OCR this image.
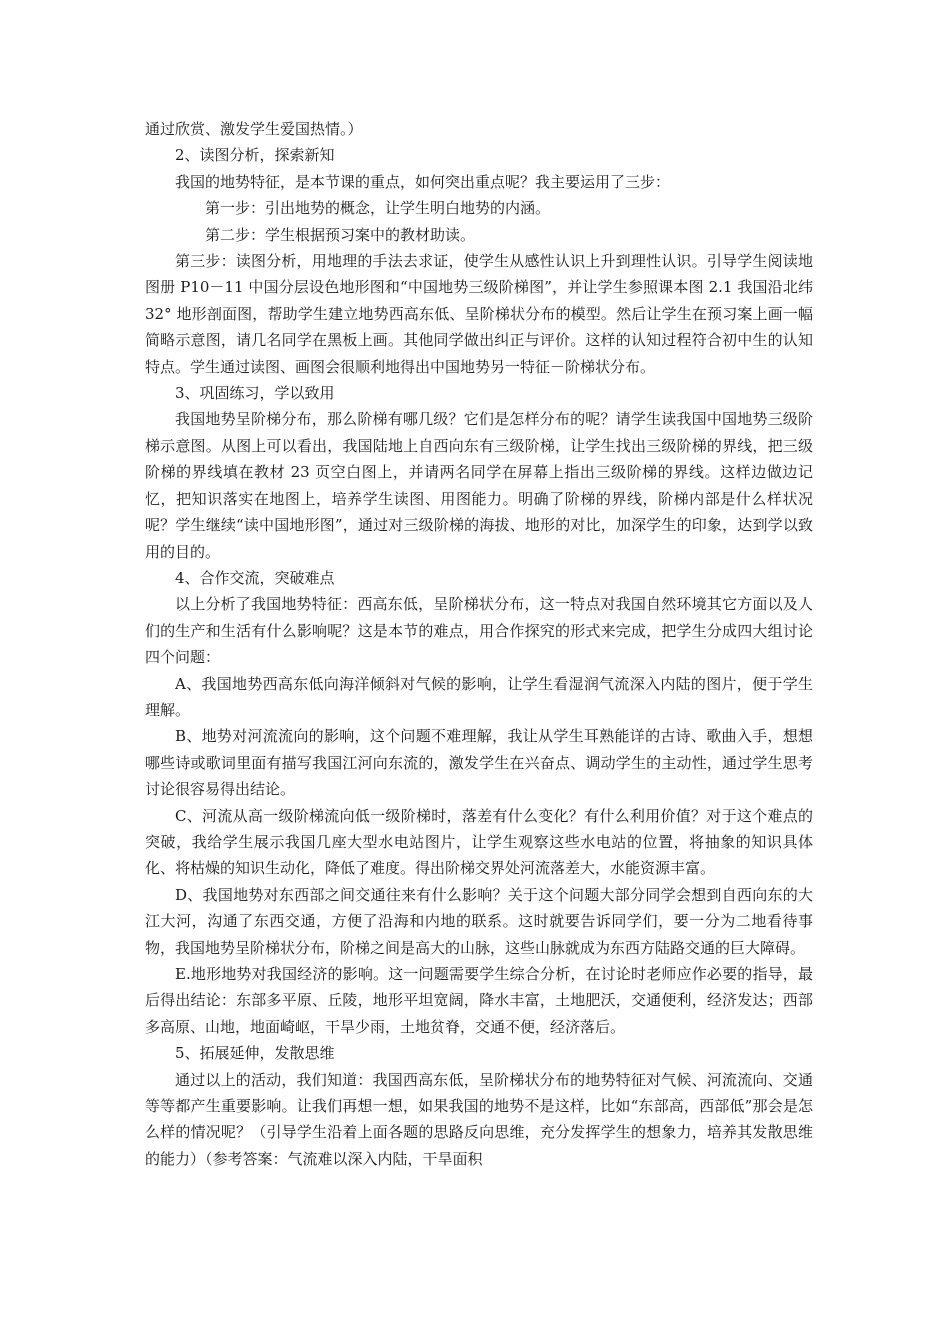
通过欣赏、激发学生爱国热情。）

2、读图分析，探索新知

我国的地势特征，是本节课的重点，如何突出重点呢？我主要运用了三步：

第一步：引出地势的概念，让学生明白地势的内涵。

第二步：学生根据预习案中的教材助读。

第三步：读图分析，用地理的手法去求证，使学生从感性认识上升到理性认识。引导学生阅读地图册 P10－11 中国分层设色地形图和“中国地势三级阶梯图”，并让学生参照课本图 2.1 我国沿北纬 32° 地形剖面图，帮助学生建立地势西高东低、呈阶梯状分布的模型。然后让学生在预习案上画一幅简略示意图，请几名同学在黑板上画。其他同学做出纠正与评价。这样的认知过程符合初中生的认知特点。学生通过读图、画图会很顺利地得出中国地势另一特征－阶梯状分布。

3、巩固练习，学以致用

我国地势呈阶梯分布，那么阶梯有哪几级？它们是怎样分布的呢？请学生读我国中国地势三级阶梯示意图。从图上可以看出，我国陆地上自西向东有三级阶梯，让学生找出三级阶梯的界线，把三级阶梯的界线填在教材 23 页空白图上，并请两名同学在屏幕上指出三级阶梯的界线。这样边做边记忆，把知识落实在地图上，培养学生读图、用图能力。明确了阶梯的界线，阶梯内部是什么样状况呢？学生继续“读中国地形图”，通过对三级阶梯的海拔、地形的对比，加深学生的印象，达到学以致用的目的。

4、合作交流，突破难点

以上分析了我国地势特征：西高东低，呈阶梯状分布，这一特点对我国自然环境其它方面以及人们的生产和生活有什么影响呢？这是本节的难点，用合作探究的形式来完成，把学生分成四大组讨论四个问题：

A、我国地势西高东低向海洋倾斜对气候的影响，让学生看湿润气流深入内陆的图片，便于学生理解。

B、地势对河流流向的影响，这个问题不难理解，我让从学生耳熟能详的古诗、歌曲入手，想想哪些诗或歌词里面有描写我国江河向东流的，激发学生在兴奋点、调动学生的主动性，通过学生思考讨论很容易得出结论。

C、河流从高一级阶梯流向低一级阶梯时，落差有什么变化？有什么利用价值？对于这个难点的突破，我给学生展示我国几座大型水电站图片，让学生观察这些水电站的位置，将抽象的知识具体化、将枯燥的知识生动化，降低了难度。得出阶梯交界处河流落差大，水能资源丰富。

D、我国地势对东西部之间交通往来有什么影响？关于这个问题大部分同学会想到自西向东的大江大河，沟通了东西交通，方便了沿海和内地的联系。这时就要告诉同学们，要一分为二地看待事物，我国地势呈阶梯状分布，阶梯之间是高大的山脉，这些山脉就成为东西方陆路交通的巨大障碍。

E.地形地势对我国经济的影响。这一问题需要学生综合分析，在讨论时老师应作必要的指导，最后得出结论：东部多平原、丘陵，地形平坦宽阔，降水丰富，土地肥沃，交通便利，经济发达；西部多高原、山地，地面崎岖，干旱少雨，土地贫脊，交通不便，经济落后。

5、拓展延伸，发散思维

通过以上的活动，我们知道：我国西高东低，呈阶梯状分布的地势特征对气候、河流流向、交通等等都产生重要影响。让我们再想一想，如果我国的地势不是这样，比如“东部高，西部低”那会是怎么样的情况呢？（引导学生沿着上面各题的思路反向思维，充分发挥学生的想象力，培养其发散思维的能力）（参考答案：气流难以深入内陆，干旱面积
